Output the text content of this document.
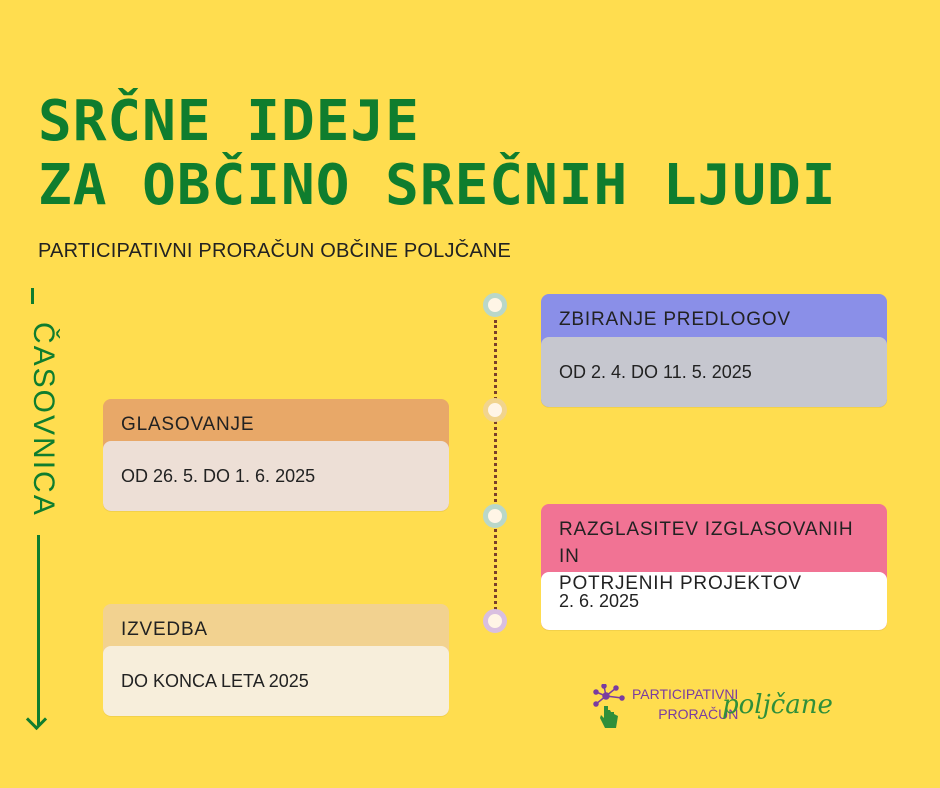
SRČNE IDEJE
ZA OBČINO SREČNIH LJUDI
PARTICIPATIVNI PRORAČUN OBČINE POLJČANE
ČASOVNICA
ZBIRANJE PREDLOGOV
OD 2. 4. DO 11. 5. 2025
GLASOVANJE
OD 26. 5. DO 1. 6. 2025
RAZGLASITEV IZGLASOVANIH IN
POTRJENIH PROJEKTOV
2. 6. 2025
IZVEDBA
DO KONCA LETA 2025
PARTICIPATIVNI
PRORAČUN
poljčane
